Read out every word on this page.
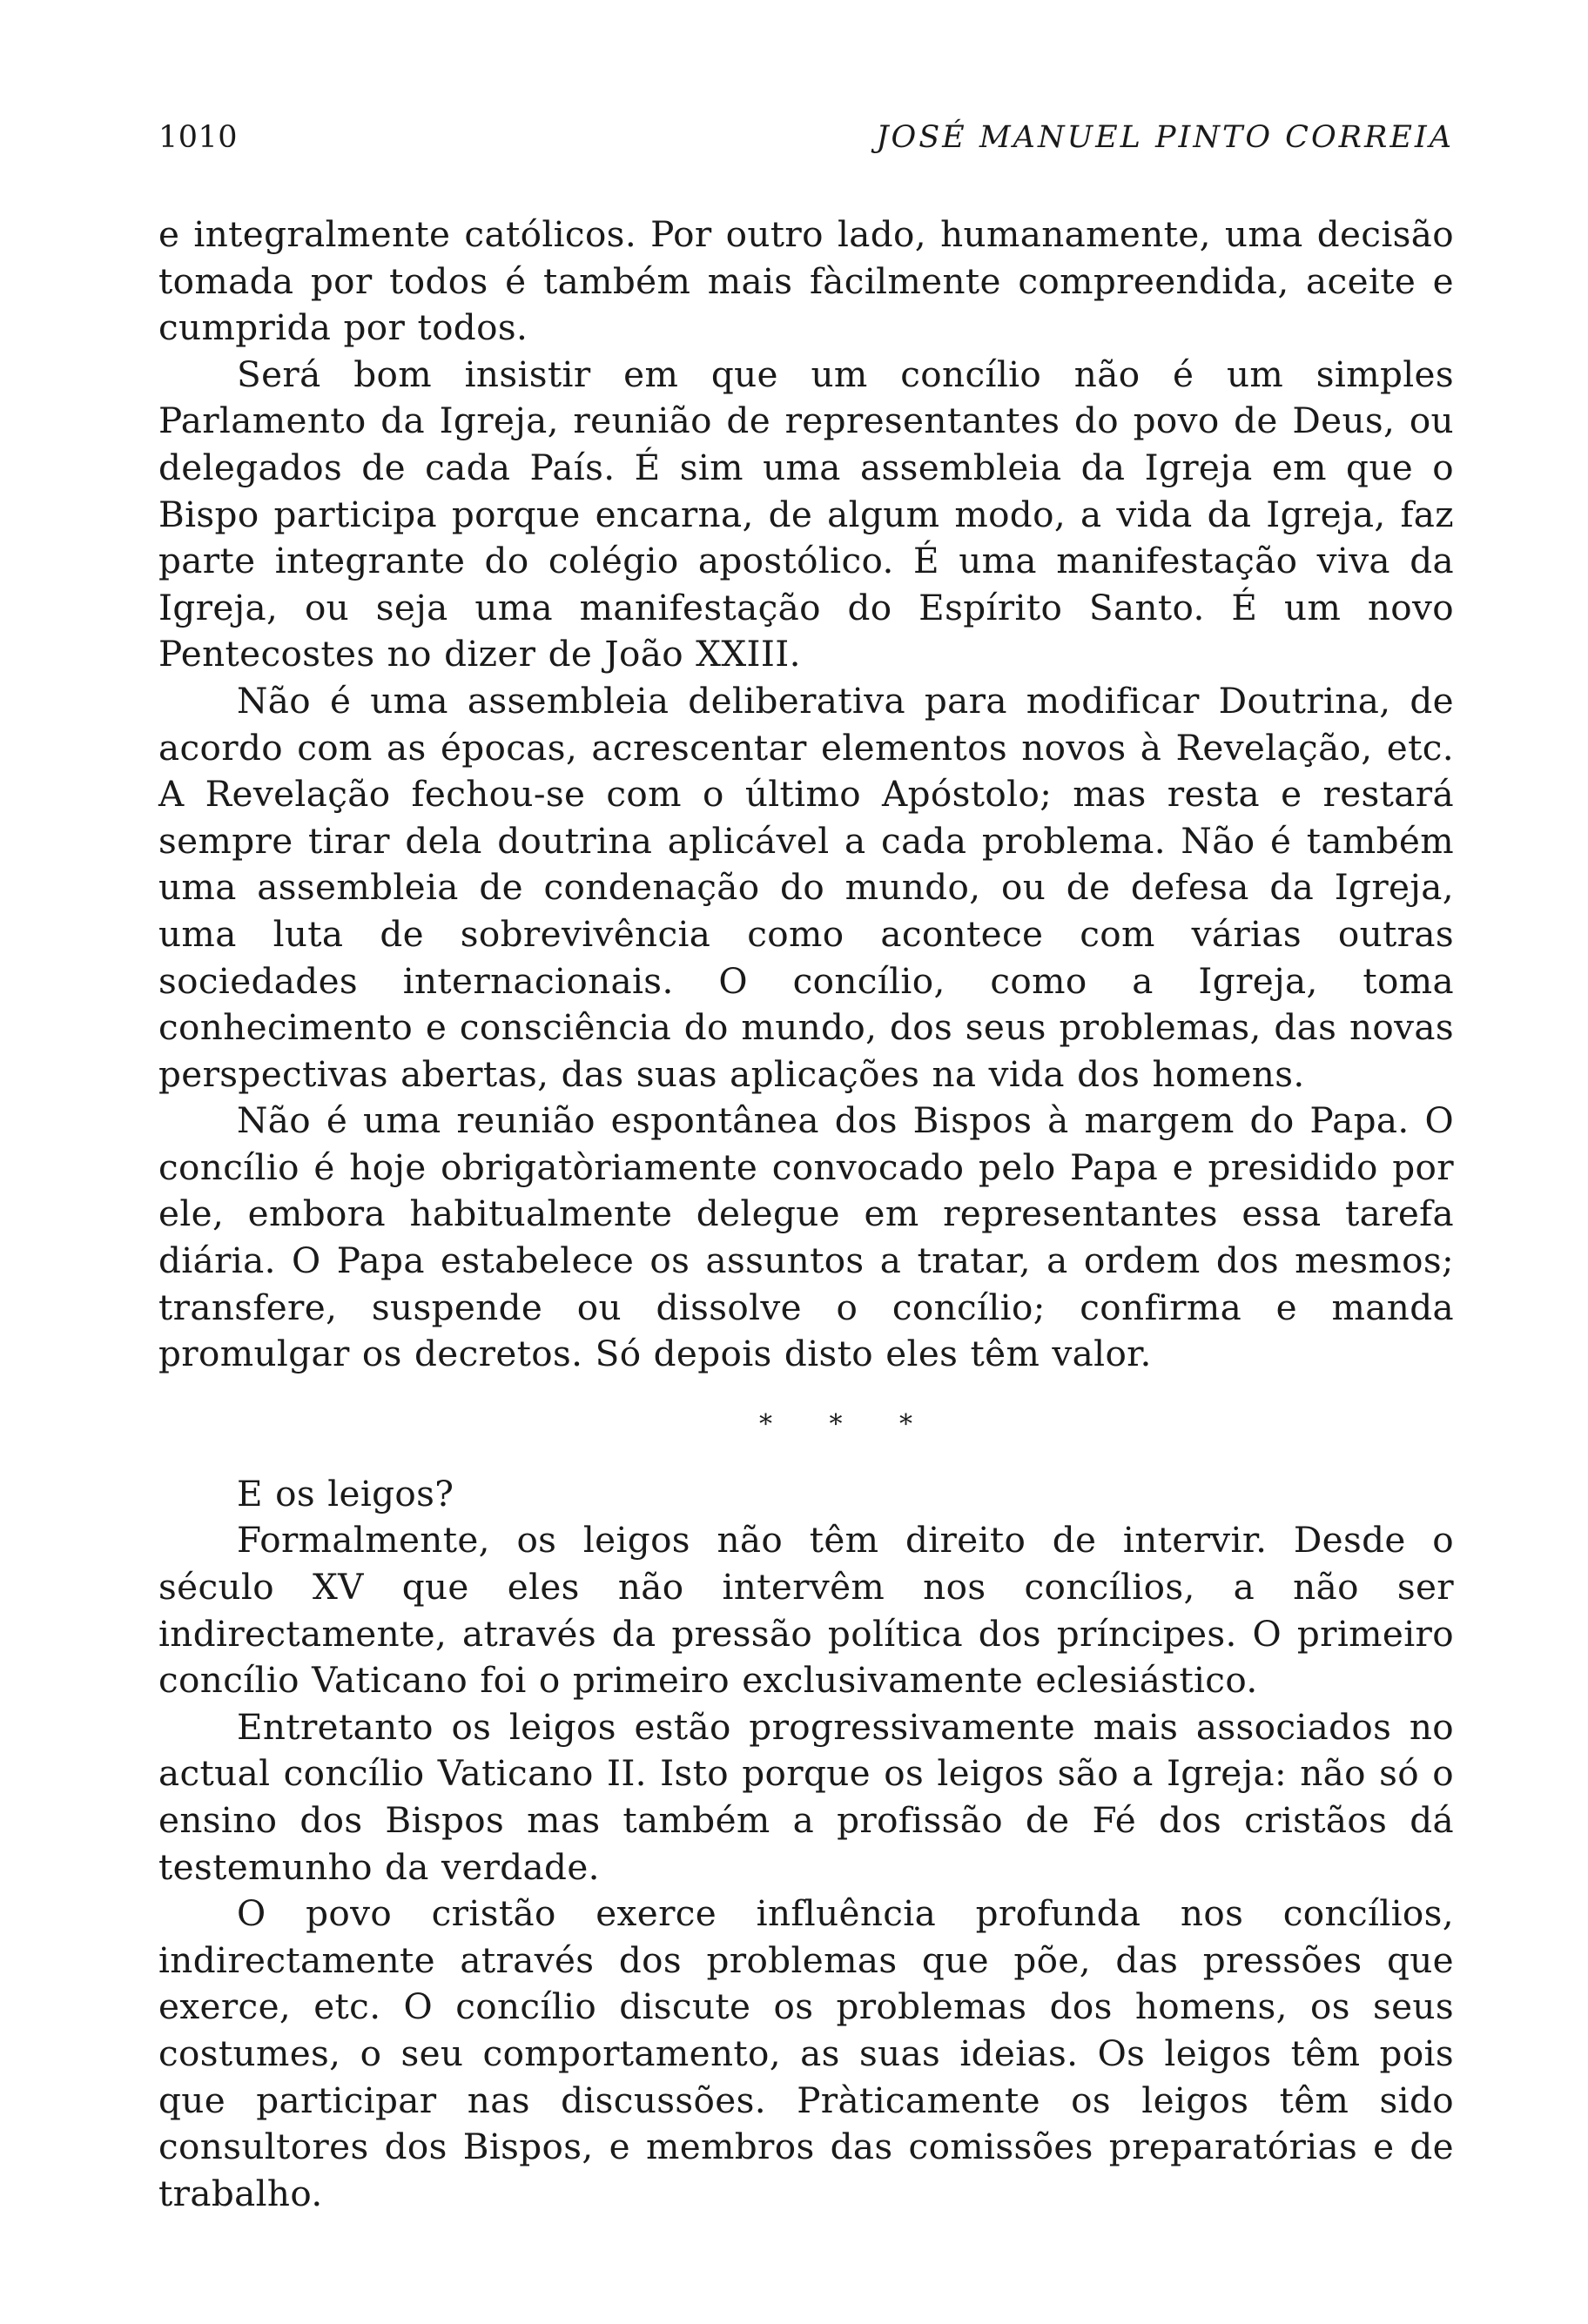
1010	JOSÉ MANUEL PINTO CORREIA

e integralmente católicos. Por outro lado, humanamente, uma decisão tomada por todos é também mais fàcilmente compreendida, aceite e cumprida por todos.

Será bom insistir em que um concílio não é um simples Parlamento da Igreja, reunião de representantes do povo de Deus, ou delegados de cada País. É sim uma assembleia da Igreja em que o Bispo participa porque encarna, de algum modo, a vida da Igreja, faz parte integrante do colégio apostólico. É uma manifestação viva da Igreja, ou seja uma manifestação do Espírito Santo. É um novo Pentecostes no dizer de João XXIII.

Não é uma assembleia deliberativa para modificar Doutrina, de acordo com as épocas, acrescentar elementos novos à Revelação, etc. A Revelação fechou-se com o último Apóstolo; mas resta e restará sempre tirar dela doutrina aplicável a cada problema. Não é também uma assembleia de condenação do mundo, ou de defesa da Igreja, uma luta de sobrevivência como acontece com várias outras sociedades internacionais. O concílio, como a Igreja, toma conhecimento e consciência do mundo, dos seus problemas, das novas perspectivas abertas, das suas aplicações na vida dos homens.

Não é uma reunião espontânea dos Bispos à margem do Papa. O concílio é hoje obrigatòriamente convocado pelo Papa e presidido por ele, embora habitualmente delegue em representantes essa tarefa diária. O Papa estabelece os assuntos a tratar, a ordem dos mesmos; transfere, suspende ou dissolve o concílio; confirma e manda promulgar os decretos. Só depois disto eles têm valor.

* * *

E os leigos?

Formalmente, os leigos não têm direito de intervir. Desde o século XV que eles não intervêm nos concílios, a não ser indirectamente, através da pressão política dos príncipes. O primeiro concílio Vaticano foi o primeiro exclusivamente eclesiástico.

Entretanto os leigos estão progressivamente mais associados no actual concílio Vaticano II. Isto porque os leigos são a Igreja: não só o ensino dos Bispos mas também a profissão de Fé dos cristãos dá testemunho da verdade.

O povo cristão exerce influência profunda nos concílios, indirectamente através dos problemas que põe, das pressões que exerce, etc. O concílio discute os problemas dos homens, os seus costumes, o seu comportamento, as suas ideias. Os leigos têm pois que participar nas discussões. Pràticamente os leigos têm sido consultores dos Bispos, e membros das comissões preparatórias e de trabalho.
